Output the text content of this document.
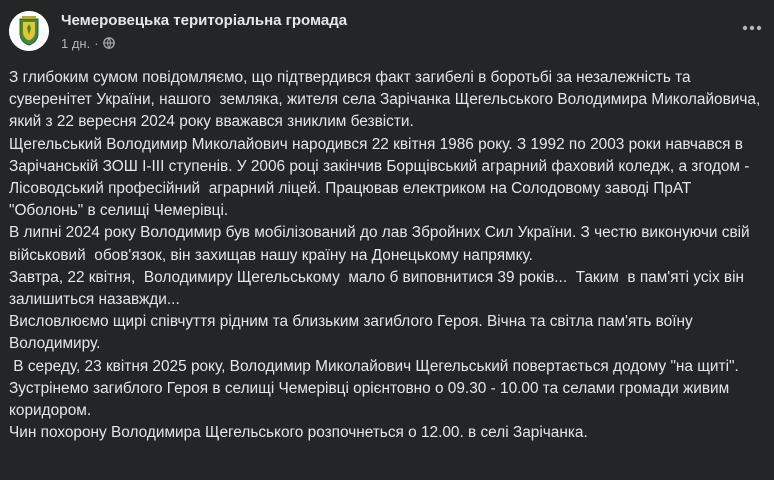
Чемеровецька територіальна громада
1 дн. ·

З глибоким сумом повідомляємо, що підтвердився факт загибелі в боротьбі за незалежність та суверенітет України, нашого  земляка, жителя села Зарічанка Щегельського Володимира Миколайовича, який з 22 вересня 2024 року вважався зниклим безвісти.

Щегельський Володимир Миколайович народився 22 квітня 1986 року. З 1992 по 2003 роки навчався в Зарічанській ЗОШ І-ІІІ ступенів. У 2006 році закінчив Борщівський аграрний фаховий коледж, а згодом - Лісоводський професійний  аграрний ліцей. Працював електриком на Солодовому заводі ПрАТ "Оболонь" в селищі Чемерівці.

В липні 2024 року Володимир був мобілізований до лав Збройних Сил України. З честю виконуючи свій військовий  обов'язок, він захищав нашу країну на Донецькому напрямку.

Завтра, 22 квітня,  Володимиру Щегельському  мало б виповнитися 39 років...  Таким  в пам'яті усіх він залишиться назавжди...

Висловлюємо щирі співчуття рідним та близьким загиблого Героя. Вічна та світла пам'ять воїну Володимиру.

В середу, 23 квітня 2025 року, Володимир Миколайович Щегельський повертається додому "на щиті".

Зустрінемо загиблого Героя в селищі Чемерівці орієнтовно о 09.30 - 10.00 та селами громади живим коридором.

Чин похорону Володимира Щегельського розпочнеться о 12.00. в селі Зарічанка.
